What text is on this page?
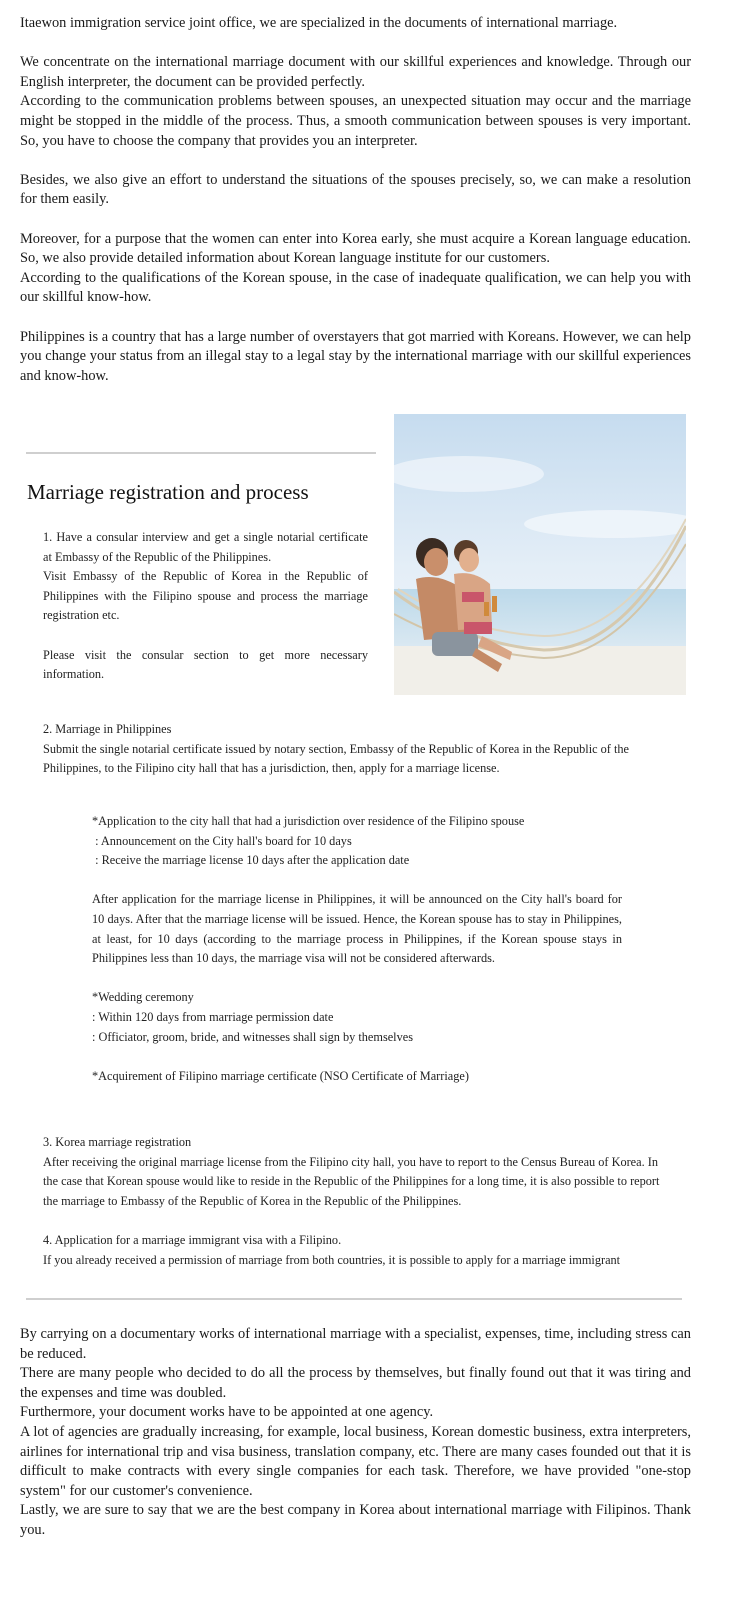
Itaewon immigration service joint office, we are specialized in the documents of international marriage.

We concentrate on the international marriage document with our skillful experiences and knowledge. Through our English interpreter, the document can be provided perfectly.
According to the communication problems between spouses, an unexpected situation may occur and the marriage might be stopped in the middle of the process. Thus, a smooth communication between spouses is very important. So, you have to choose the company that provides you an interpreter.

Besides, we also give an effort to understand the situations of the spouses precisely, so, we can make a resolution for them easily.

Moreover, for a purpose that the women can enter into Korea early, she must acquire a Korean language education. So, we also provide detailed information about Korean language institute for our customers.
According to the qualifications of the Korean spouse, in the case of inadequate qualification, we can help you with our skillful know-how.

Philippines is a country that has a large number of overstayers that got married with Koreans. However, we can help you change your status from an illegal stay to a legal stay by the international marriage with our skillful experiences and know-how.

Marriage registration and process

1. Have a consular interview and get a single notarial certificate at Embassy of the Republic of the Philippines.

Visit Embassy of the Republic of Korea in the Republic of Philippines with the Filipino spouse and process the marriage registration etc.

Please visit the consular section to get more necessary information.

2. Marriage in Philippines

Submit the single notarial certificate issued by notary section, Embassy of the Republic of Korea in the Republic of the Philippines, to the Filipino city hall that has a jurisdiction, then, apply for a marriage license.

*Application to the city hall that had a jurisdiction over residence of the Filipino spouse

: Announcement on the City hall's board for 10 days

: Receive the marriage license 10 days after the application date

After application for the marriage license in Philippines, it will be announced on the City hall's board for 10 days. After that the marriage license will be issued. Hence, the Korean spouse has to stay in Philippines, at least, for 10 days (according to the marriage process in Philippines, if the Korean spouse stays in Philippines less than 10 days, the marriage visa will not be considered afterwards.

*Wedding ceremony

: Within 120 days from marriage permission date

: Officiator, groom, bride, and witnesses shall sign by themselves

*Acquirement of Filipino marriage certificate (NSO Certificate of Marriage)

3. Korea marriage registration

After receiving the original marriage license from the Filipino city hall, you have to report to the Census Bureau of Korea. In the case that Korean spouse would like to reside in the Republic of the Philippines for a long time, it is also possible to report the marriage to Embassy of the Republic of Korea in the Republic of the Philippines.

4. Application for a marriage immigrant visa with a Filipino.

If you already received a permission of marriage from both countries, it is possible to apply for a marriage immigrant

By carrying on a documentary works of international marriage with a specialist, expenses, time, including stress can be reduced.

There are many people who decided to do all the process by themselves, but finally found out that it was tiring and the expenses and time was doubled.

Furthermore, your document works have to be appointed at one agency.

A lot of agencies are gradually increasing, for example, local business, Korean domestic business, extra interpreters, airlines for international trip and visa business, translation company, etc. There are many cases founded out that it is difficult to make contracts with every single companies for each task. Therefore, we have provided "one-stop system" for our customer's convenience.

Lastly, we are sure to say that we are the best company in Korea about international marriage with Filipinos. Thank you.
